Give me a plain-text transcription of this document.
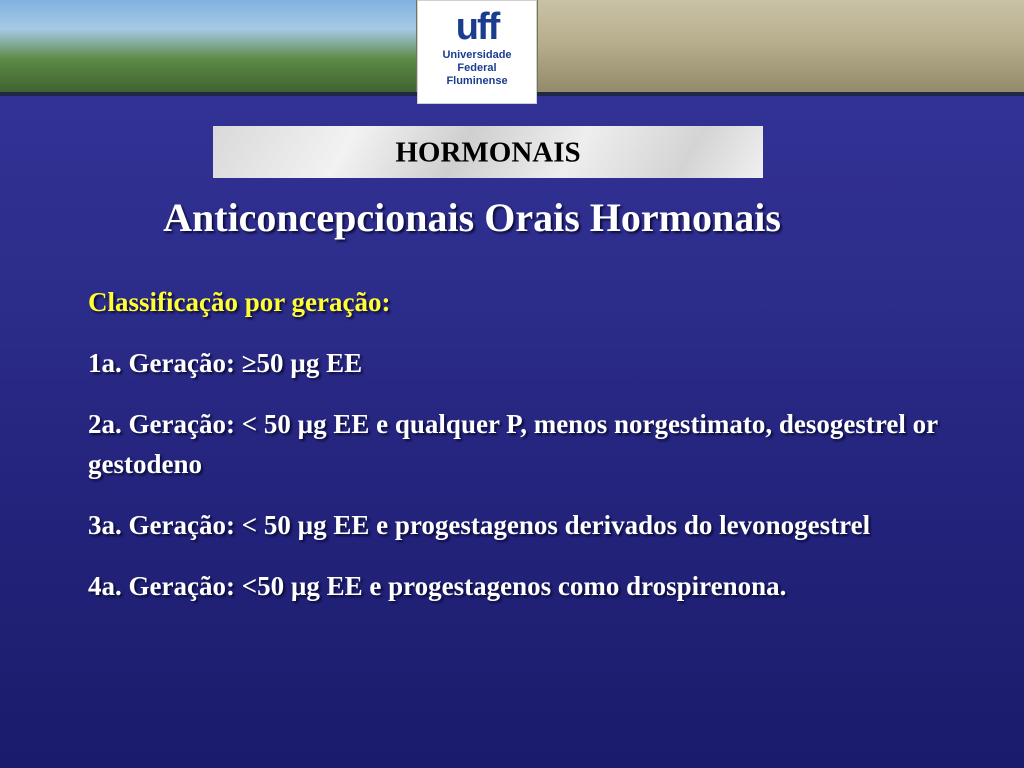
uff
Universidade
Federal
Fluminense
HORMONAIS
Anticoncepcionais Orais Hormonais

Classificação por geração:

1a. Geração: ≥50 µg EE

2a. Geração: < 50 µg EE e qualquer P, menos norgestimato, desogestrel or gestodeno

3a. Geração: < 50 µg EE e progestagenos derivados do levonogestrel

4a. Geração: <50 µg EE e progestagenos como drospirenona.
